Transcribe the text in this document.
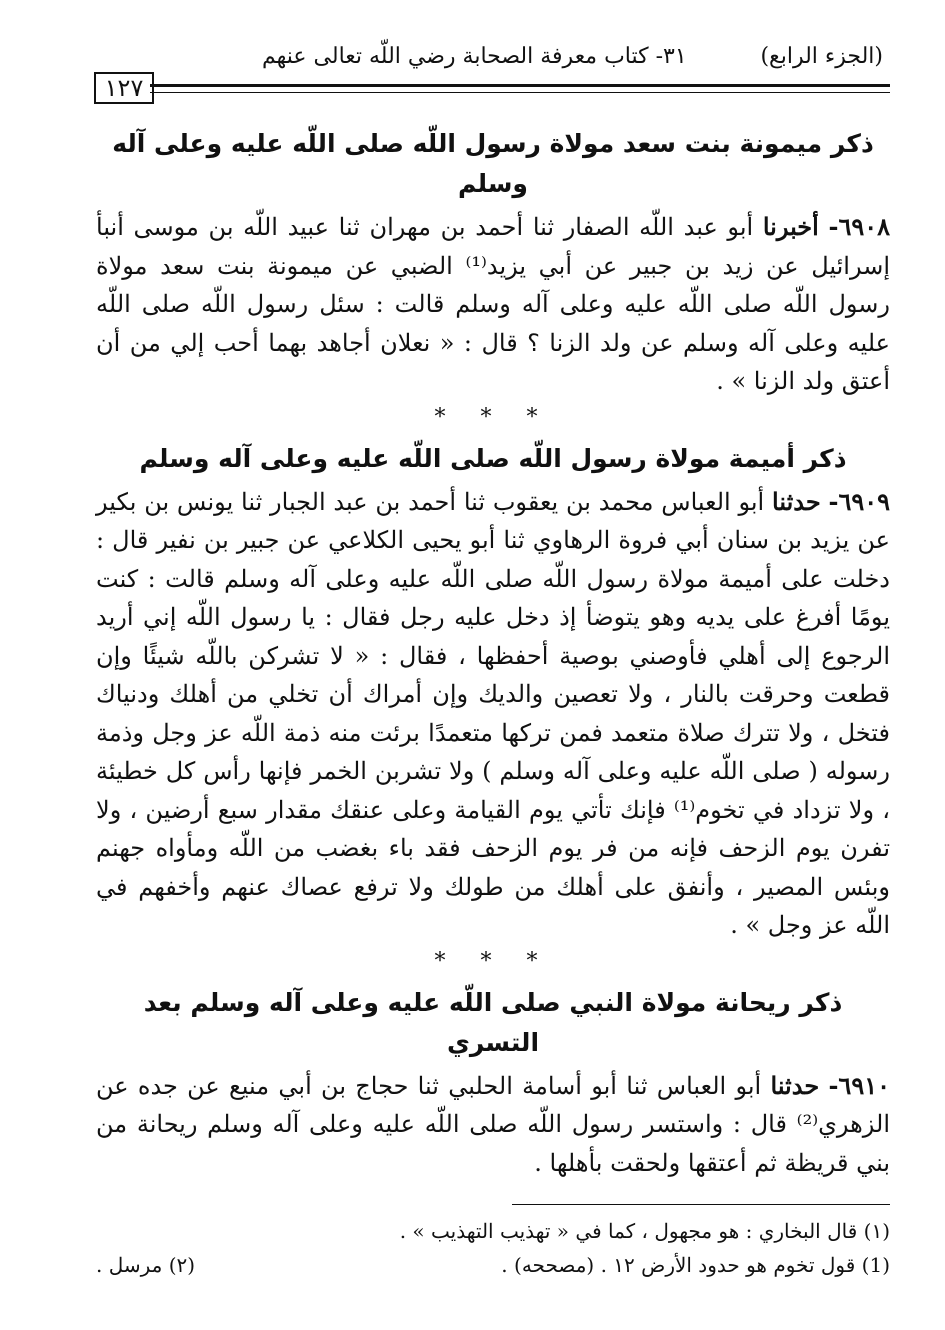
(الجزء الرابع)
٣١- كتاب معرفة الصحابة رضي اللّه تعالى عنهم
١٢٧
ذكر ميمونة بنت سعد مولاة رسول اللّه صلى اللّه عليه وعلى آله وسلم

٦٩٠٨- أخبرنا أبو عبد اللّه الصفار ثنا أحمد بن مهران ثنا عبيد اللّه بن موسى أنبأ إسرائيل عن زيد بن جبير عن أبي يزيد⁽¹⁾ الضبي عن ميمونة بنت سعد مولاة رسول اللّه صلى اللّه عليه وعلى آله وسلم قالت : سئل رسول اللّه صلى اللّه عليه وعلى آله وسلم عن ولد الزنا ؟ قال : « نعلان أجاهد بهما أحب إلي من أن أعتق ولد الزنا » .

* * *
ذكر أميمة مولاة رسول اللّه صلى اللّه عليه وعلى آله وسلم

٦٩٠٩- حدثنا أبو العباس محمد بن يعقوب ثنا أحمد بن عبد الجبار ثنا يونس بن بكير عن يزيد بن سنان أبي فروة الرهاوي ثنا أبو يحيى الكلاعي عن جبير بن نفير قال : دخلت على أميمة مولاة رسول اللّه صلى اللّه عليه وعلى آله وسلم قالت : كنت يومًا أفرغ على يديه وهو يتوضأ إذ دخل عليه رجل فقال : يا رسول اللّه إني أريد الرجوع إلى أهلي فأوصني بوصية أحفظها ، فقال : « لا تشركن باللّه شيئًا وإن قطعت وحرقت بالنار ، ولا تعصين والديك وإن أمراك أن تخلي من أهلك ودنياك فتخل ، ولا تترك صلاة متعمد فمن تركها متعمدًا برئت منه ذمة اللّه عز وجل وذمة رسوله ( صلى اللّه عليه وعلى آله وسلم ) ولا تشربن الخمر فإنها رأس كل خطيئة ، ولا تزداد في تخوم⁽¹⁾ فإنك تأتي يوم القيامة وعلى عنقك مقدار سبع أرضين ، ولا تفرن يوم الزحف فإنه من فر يوم الزحف فقد باء بغضب من اللّه ومأواه جهنم وبئس المصير ، وأنفق على أهلك من طولك ولا ترفع عصاك عنهم وأخفهم في اللّه عز وجل » .

* * *
ذكر ريحانة مولاة النبي صلى اللّه عليه وعلى آله وسلم بعد التسري

٦٩١٠- حدثنا أبو العباس ثنا أبو أسامة الحلبي ثنا حجاج بن أبي منيع عن جده عن الزهري⁽²⁾ قال : واستسر رسول اللّه صلى اللّه عليه وعلى آله وسلم ريحانة من بني قريظة ثم أعتقها ولحقت بأهلها .

(١) قال البخاري : هو مجهول ، كما في « تهذيب التهذيب » .
(1) قول تخوم هو حدود الأرض ١٢ . (مصححه) .
(٢) مرسل .
